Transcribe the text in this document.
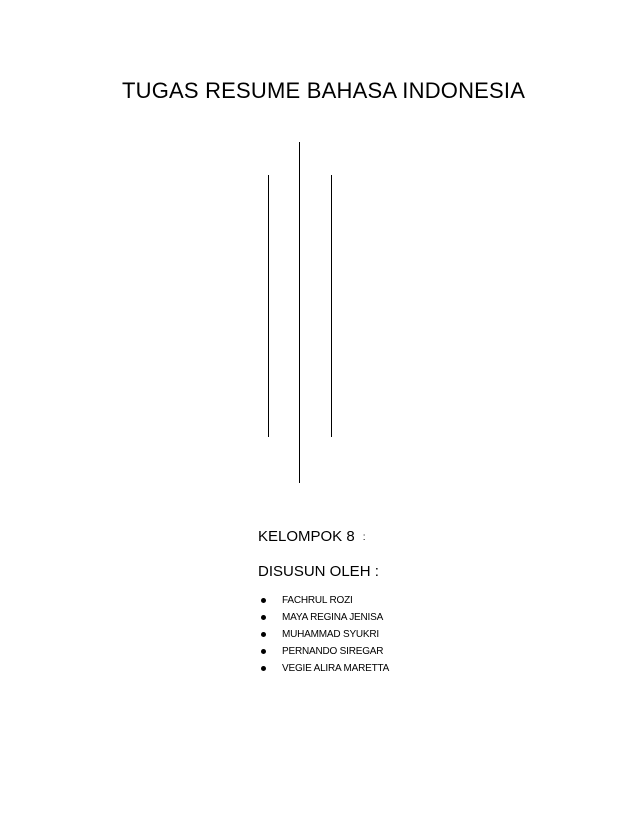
TUGAS RESUME BAHASA INDONESIA
KELOMPOK 8 :
DISUSUN OLEH :
FACHRUL ROZI
MAYA REGINA JENISA
MUHAMMAD SYUKRI
PERNANDO SIREGAR
VEGIE ALIRA MARETTA
